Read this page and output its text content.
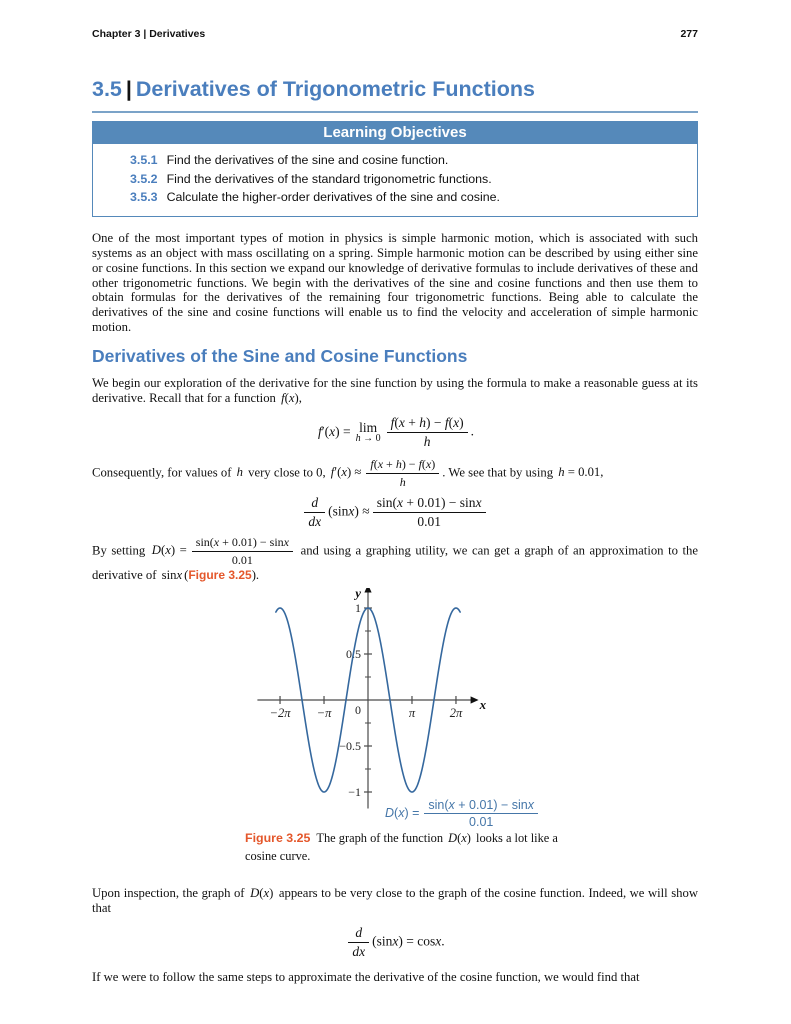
Chapter 3 | Derivatives	277
3.5 | Derivatives of Trigonometric Functions
Learning Objectives
3.5.1 Find the derivatives of the sine and cosine function.
3.5.2 Find the derivatives of the standard trigonometric functions.
3.5.3 Calculate the higher-order derivatives of the sine and cosine.

One of the most important types of motion in physics is simple harmonic motion, which is associated with such systems as an object with mass oscillating on a spring. Simple harmonic motion can be described by using either sine or cosine functions. In this section we expand our knowledge of derivative formulas to include derivatives of these and other trigonometric functions. We begin with the derivatives of the sine and cosine functions and then use them to obtain formulas for the derivatives of the remaining four trigonometric functions. Being able to calculate the derivatives of the sine and cosine functions will enable us to find the velocity and acceleration of simple harmonic motion.

Derivatives of the Sine and Cosine Functions

We begin our exploration of the derivative for the sine function by using the formula to make a reasonable guess at its derivative. Recall that for a function f(x),

f′(x) = lim
$h \to 0 \frac{f(x + h) - f(x)}{h}$ .

Consequently, for values of h very close to 0, $f'(x) \approx \frac{f(x + h) - f(x)}{h}$ . We see that by using h = 0.01,

$\frac{d}{dx} (\sin x) \approx \frac{\sin(x + 0.01) - \sin x}{0.01}$

By setting $D(x) = \frac{\sin(x + 0.01) - \sin x}{0.01}$ and using a graphing utility, we can get a graph of an approximation to the derivative of sinx (Figure 3.25).

−2π −π 0	π	2π
1
0.5
−0.5
−1
y
x
$D(x) = \frac{\sin(x + 0.01) - \sin x}{0.01}$
Figure 3.25 The graph of the function D(x) looks a lot like a cosine curve.

Upon inspection, the graph of D(x) appears to be very close to the graph of the cosine function. Indeed, we will show that

$\frac{d}{dx} (\sin x) = \cos x$.

If we were to follow the same steps to approximate the derivative of the cosine function, we would find that
